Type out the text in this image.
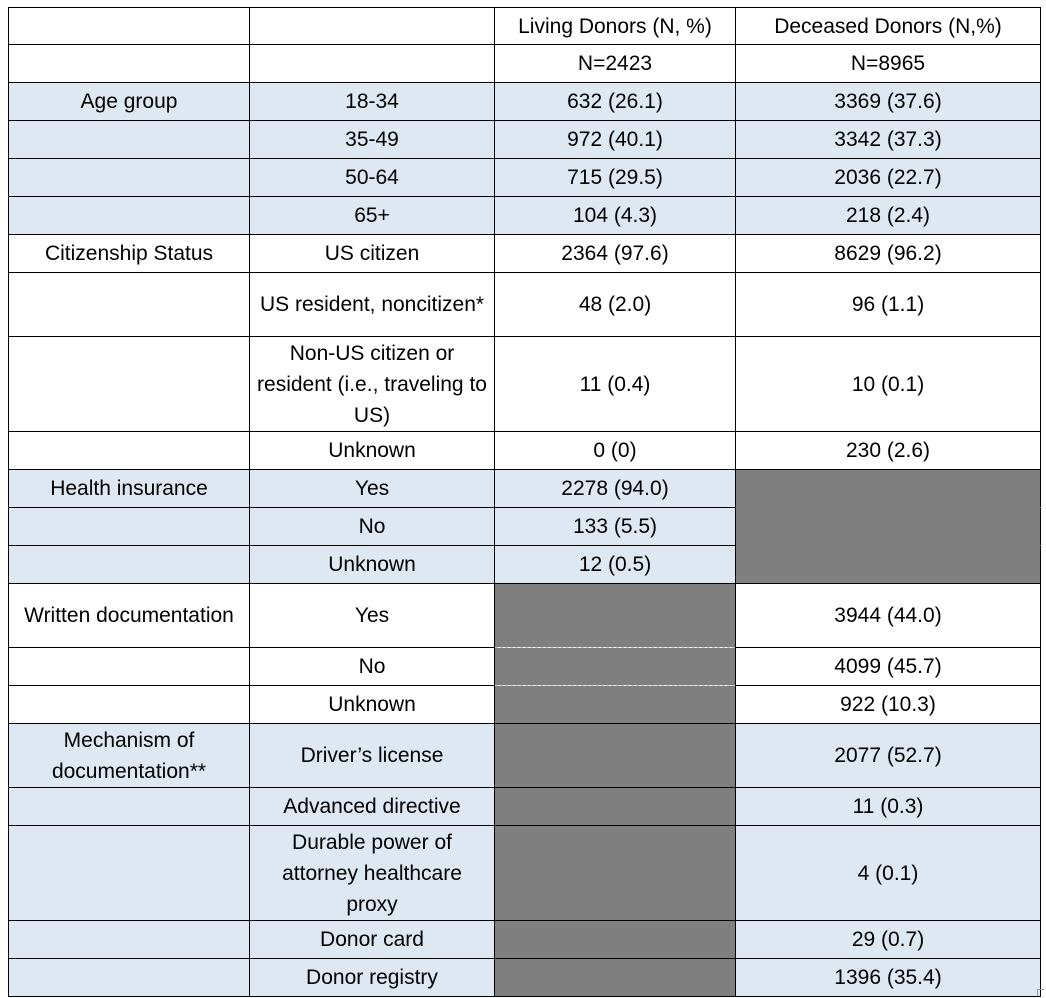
		Living Donors (N, %)	Deceased Donors (N,%)
		N=2423	N=8965
Age group	18-34	632 (26.1)	3369 (37.6)
	35-49	972 (40.1)	3342 (37.3)
	50-64	715 (29.5)	2036 (22.7)
	65+	104 (4.3)	218 (2.4)
Citizenship Status	US citizen	2364 (97.6)	8629 (96.2)
	US resident, noncitizen*	48 (2.0)	96 (1.1)
	Non-US citizen or resident (i.e., traveling to US)	11 (0.4)	10 (0.1)
	Unknown	0 (0)	230 (2.6)
Health insurance	Yes	2278 (94.0)	
	No	133 (5.5)	
	Unknown	12 (0.5)	
Written documentation	Yes		3944 (44.0)
	No		4099 (45.7)
	Unknown		922 (10.3)
Mechanism of documentation**	Driver’s license		2077 (52.7)
	Advanced directive		11 (0.3)
	Durable power of attorney healthcare proxy		4 (0.1)
	Donor card		29 (0.7)
	Donor registry		1396 (35.4)
